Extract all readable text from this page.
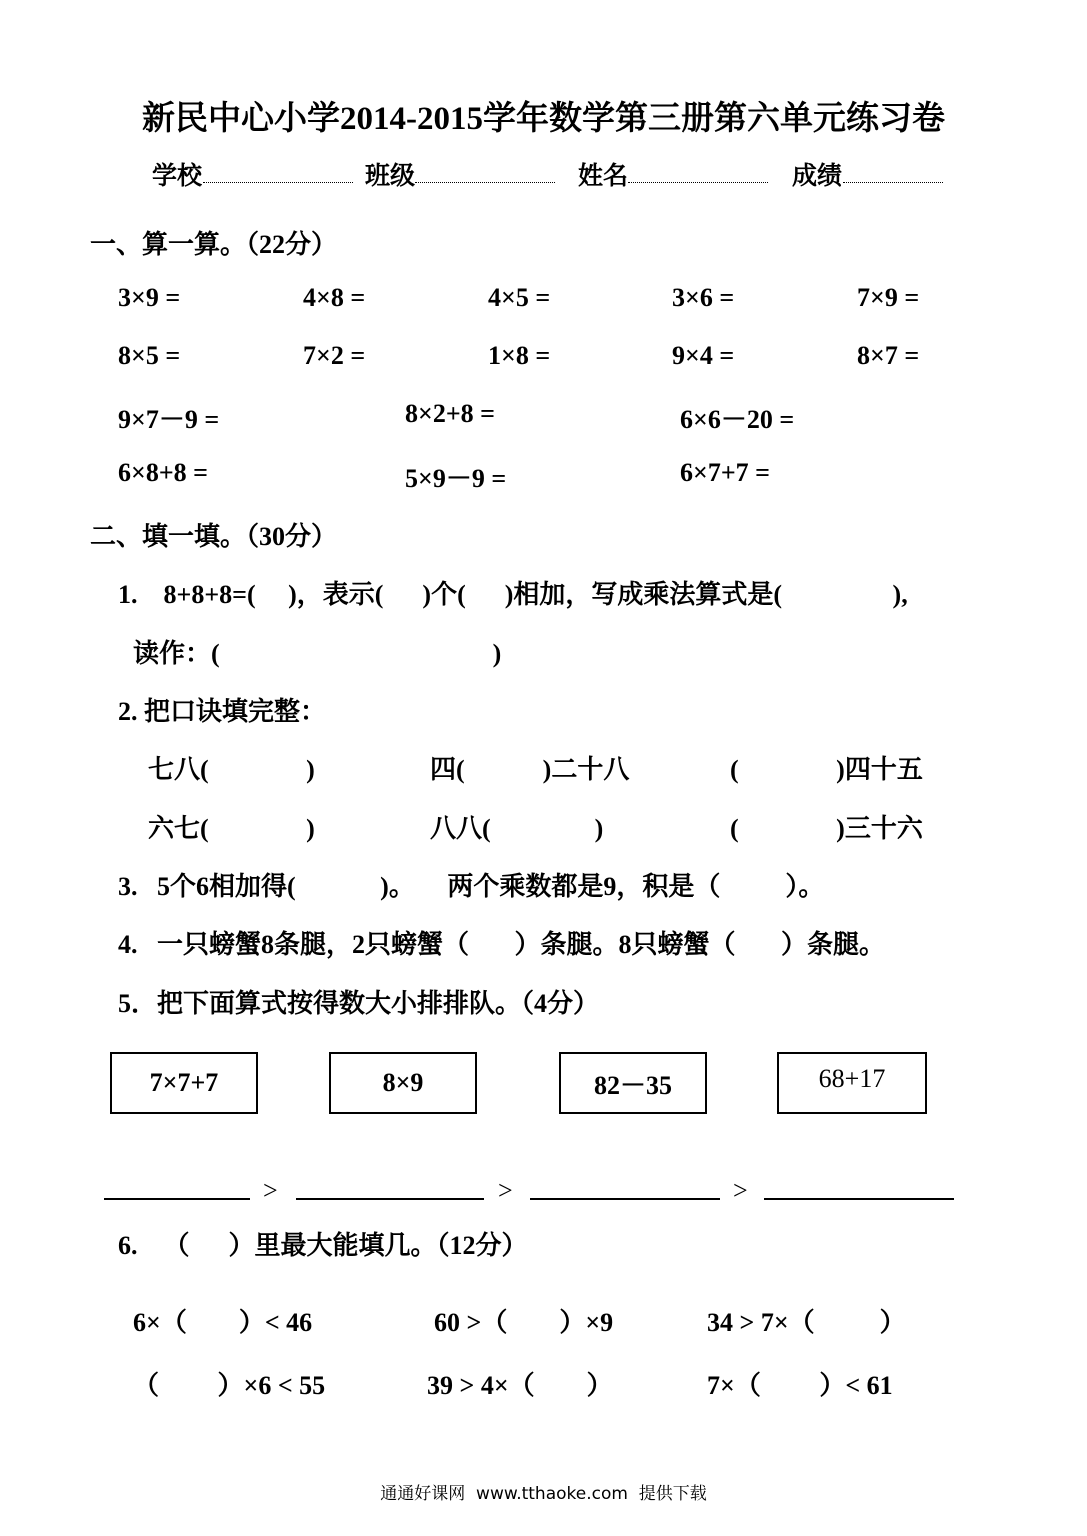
新民中心小学2014-2015学年数学第三册第六单元练习卷
学校	班级	姓名	成绩
一、算一算。（22分）
3×9 =	4×8 =	4×5 =	3×6 =	7×9 =
8×5 =	7×2 =	1×8 =	9×4 =	8×7 =
9×7－9 =	8×2+8 =	6×6－20 =
6×8+8 =	5×9－9 =	6×7+7 =
二、填一填。（30分）
1.    8+8+8=(     )，表示(      )个(      )相加，写成乘法算式是(                 ),
读作：(                                          )
2. 把口诀填完整：
七八(               )	四(            )二十八	(               )四十五
六七(               )	八八(                )	(               )三十六
3.   5个6相加得(             )。     两个乘数都是9，积是（          ）。
4.   一只螃蟹8条腿，2只螃蟹（       ）条腿。8只螃蟹（       ）条腿。
5．把下面算式按得数大小排排队。（4分）
7×7+7	8×9	82－35	68+17
>	>	>
6.    （      ）里最大能填几。（12分）
6×（        ）< 46	60 >（        ）×9	34 > 7×（          ）
（         ）×6 < 55	39 > 4×（        ）	7×（         ）< 61
通通好课网  www.tthaoke.com  提供下载
